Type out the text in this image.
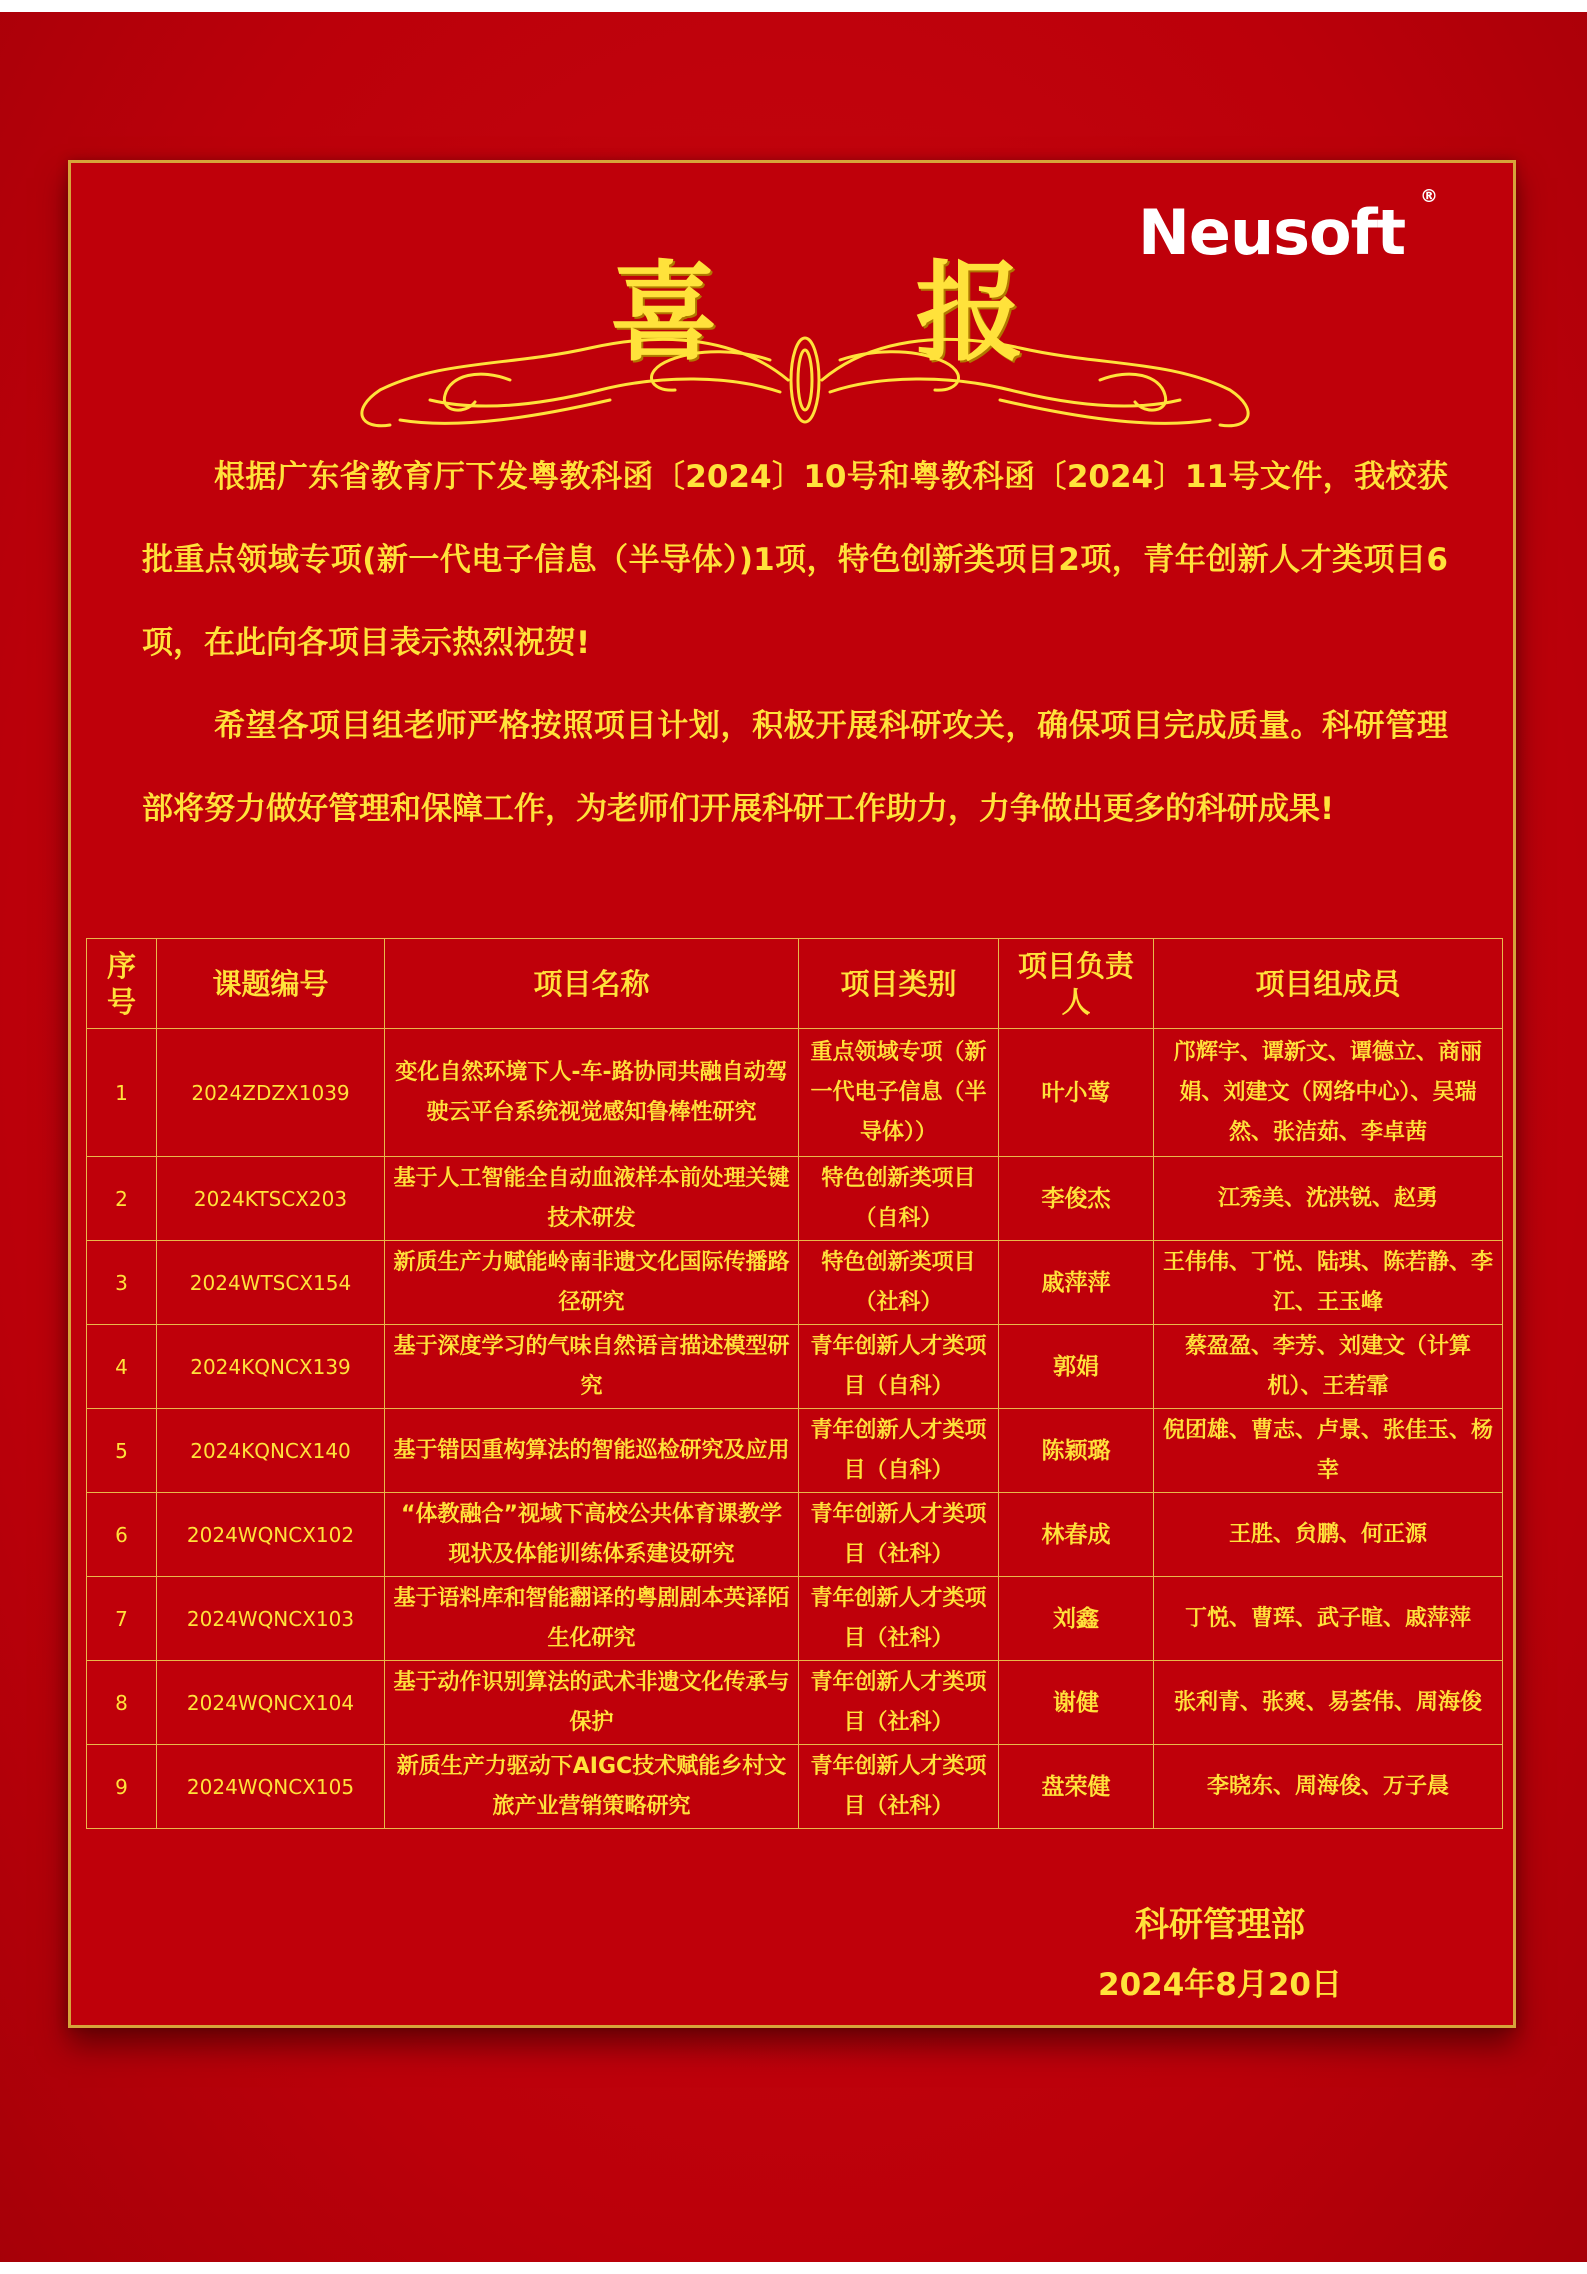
Neusoft ®
喜 报
根据广东省教育厅下发粤教科函〔2024〕10号和粤教科函〔2024〕11号文件，我校获批重点领域专项(新一代电子信息（半导体）)1项，特色创新类项目2项，青年创新人才类项目6项，在此向各项目表示热烈祝贺!
希望各项目组老师严格按照项目计划，积极开展科研攻关，确保项目完成质量。科研管理部将努力做好管理和保障工作，为老师们开展科研工作助力，力争做出更多的科研成果!
序号	课题编号	项目名称	项目类别	项目负责人	项目组成员
1	2024ZDZX1039	变化自然环境下人-车-路协同共融自动驾驶云平台系统视觉感知鲁棒性研究	重点领域专项（新一代电子信息（半导体））	叶小莺	邝辉宇、谭新文、谭德立、商丽娟、刘建文（网络中心）、吴瑞然、张洁茹、李卓茜
2	2024KTSCX203	基于人工智能全自动血液样本前处理关键技术研发	特色创新类项目（自科）	李俊杰	江秀美、沈洪锐、赵勇
3	2024WTSCX154	新质生产力赋能岭南非遗文化国际传播路径研究	特色创新类项目（社科）	戚萍萍	王伟伟、丁悦、陆琪、陈若静、李江、王玉峰
4	2024KQNCX139	基于深度学习的气味自然语言描述模型研究	青年创新人才类项目（自科）	郭娟	蔡盈盈、李芳、刘建文（计算机）、王若霏
5	2024KQNCX140	基于错因重构算法的智能巡检研究及应用	青年创新人才类项目（自科）	陈颖璐	倪团雄、曹志、卢景、张佳玉、杨幸
6	2024WQNCX102	“体教融合”视域下高校公共体育课教学现状及体能训练体系建设研究	青年创新人才类项目（社科）	林春成	王胜、贠鹏、何正源
7	2024WQNCX103	基于语料库和智能翻译的粤剧剧本英译陌生化研究	青年创新人才类项目（社科）	刘鑫	丁悦、曹珲、武子暄、戚萍萍
8	2024WQNCX104	基于动作识别算法的武术非遗文化传承与保护	青年创新人才类项目（社科）	谢健	张利青、张爽、易荟伟、周海俊
9	2024WQNCX105	新质生产力驱动下AIGC技术赋能乡村文旅产业营销策略研究	青年创新人才类项目（社科）	盘荣健	李晓东、周海俊、万子晨
科研管理部
2024年8月20日
